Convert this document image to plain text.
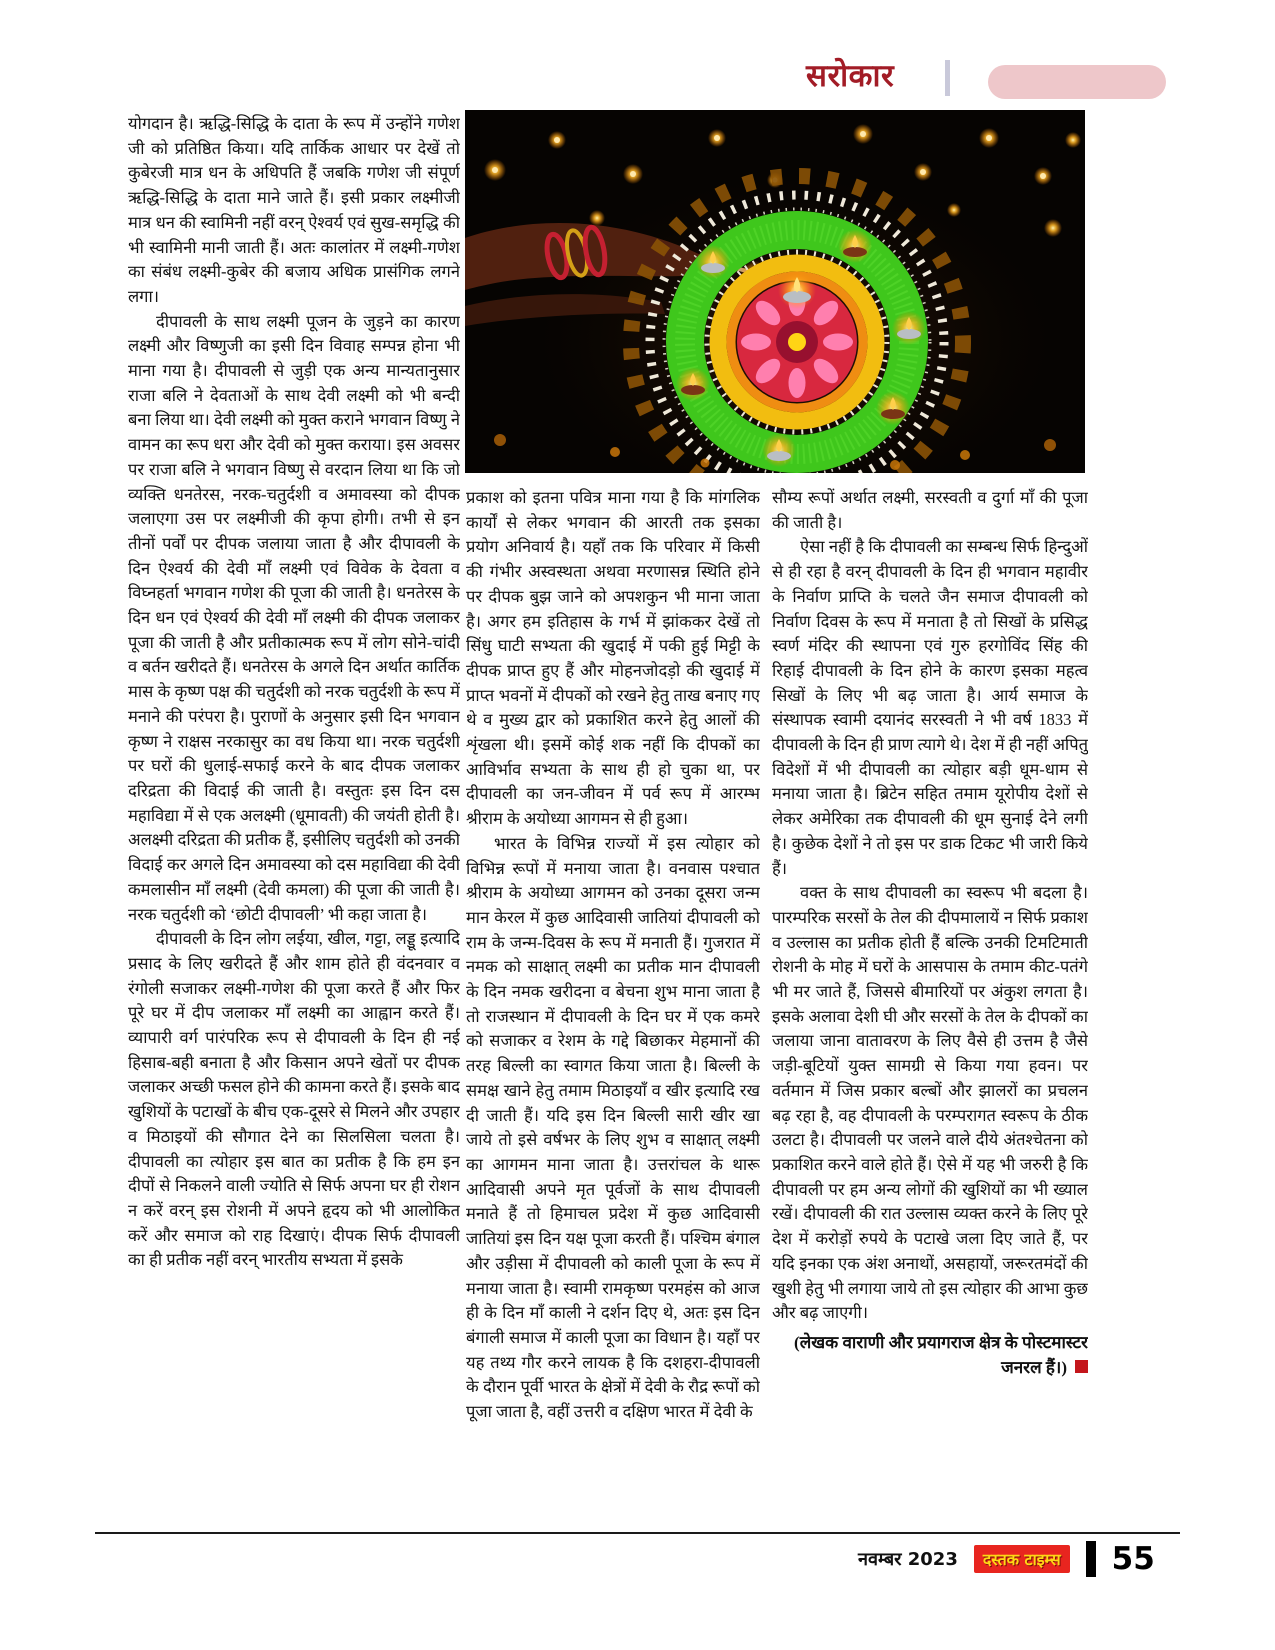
सरोकार

योगदान है। ऋद्धि-सिद्धि के दाता के रूप में उन्होंने गणेश जी को प्रतिष्ठित किया। यदि तार्किक आधार पर देखें तो कुबेरजी मात्र धन के अधिपति हैं जबकि गणेश जी संपूर्ण ऋद्धि-सिद्धि के दाता माने जाते हैं। इसी प्रकार लक्ष्मीजी मात्र धन की स्वामिनी नहीं वरन् ऐश्वर्य एवं सुख-समृद्धि की भी स्वामिनी मानी जाती हैं। अतः कालांतर में लक्ष्मी-गणेश का संबंध लक्ष्मी-कुबेर की बजाय अधिक प्रासंगिक लगने लगा।

दीपावली के साथ लक्ष्मी पूजन के जुड़ने का कारण लक्ष्मी और विष्णुजी का इसी दिन विवाह सम्पन्न होना भी माना गया है। दीपावली से जुड़ी एक अन्य मान्यतानुसार राजा बलि ने देवताओं के साथ देवी लक्ष्मी को भी बन्दी बना लिया था। देवी लक्ष्मी को मुक्त कराने भगवान विष्णु ने वामन का रूप धरा और देवी को मुक्त कराया। इस अवसर पर राजा बलि ने भगवान विष्णु से वरदान लिया था कि जो व्यक्ति धनतेरस, नरक-चतुर्दशी व अमावस्या को दीपक जलाएगा उस पर लक्ष्मीजी की कृपा होगी। तभी से इन तीनों पर्वों पर दीपक जलाया जाता है और दीपावली के दिन ऐश्वर्य की देवी माँ लक्ष्मी एवं विवेक के देवता व विघ्नहर्ता भगवान गणेश की पूजा की जाती है। धनतेरस के दिन धन एवं ऐश्वर्य की देवी माँ लक्ष्मी की दीपक जलाकर पूजा की जाती है और प्रतीकात्मक रूप में लोग सोने-चांदी व बर्तन खरीदते हैं। धनतेरस के अगले दिन अर्थात कार्तिक मास के कृष्ण पक्ष की चतुर्दशी को नरक चतुर्दशी के रूप में मनाने की परंपरा है। पुराणों के अनुसार इसी दिन भगवान कृष्ण ने राक्षस नरकासुर का वध किया था। नरक चतुर्दशी पर घरों की धुलाई-सफाई करने के बाद दीपक जलाकर दरिद्रता की विदाई की जाती है। वस्तुतः इस दिन दस महाविद्या में से एक अलक्ष्मी (धूमावती) की जयंती होती है। अलक्ष्मी दरिद्रता की प्रतीक हैं, इसीलिए चतुर्दशी को उनकी विदाई कर अगले दिन अमावस्या को दस महाविद्या की देवी कमलासीन माँ लक्ष्मी (देवी कमला) की पूजा की जाती है। नरक चतुर्दशी को ‘छोटी दीपावली’ भी कहा जाता है।

दीपावली के दिन लोग लईया, खील, गट्टा, लड्डू इत्यादि प्रसाद के लिए खरीदते हैं और शाम होते ही वंदनवार व रंगोली सजाकर लक्ष्मी-गणेश की पूजा करते हैं और फिर पूरे घर में दीप जलाकर माँ लक्ष्मी का आह्वान करते हैं। व्यापारी वर्ग पारंपरिक रूप से दीपावली के दिन ही नई हिसाब-बही बनाता है और किसान अपने खेतों पर दीपक जलाकर अच्छी फसल होने की कामना करते हैं। इसके बाद खुशियों के पटाखों के बीच एक-दूसरे से मिलने और उपहार व मिठाइयों की सौगात देने का सिलसिला चलता है। दीपावली का त्योहार इस बात का प्रतीक है कि हम इन दीपों से निकलने वाली ज्योति से सिर्फ अपना घर ही रोशन न करें वरन् इस रोशनी में अपने हृदय को भी आलोकित करें और समाज को राह दिखाएं। दीपक सिर्फ दीपावली का ही प्रतीक नहीं वरन् भारतीय सभ्यता में इसके

प्रकाश को इतना पवित्र माना गया है कि मांगलिक कार्यों से लेकर भगवान की आरती तक इसका प्रयोग अनिवार्य है। यहाँ तक कि परिवार में किसी की गंभीर अस्वस्थता अथवा मरणासन्न स्थिति होने पर दीपक बुझ जाने को अपशकुन भी माना जाता है। अगर हम इतिहास के गर्भ में झांककर देखें तो सिंधु घाटी सभ्यता की खुदाई में पकी हुई मिट्टी के दीपक प्राप्त हुए हैं और मोहनजोदड़ो की खुदाई में प्राप्त भवनों में दीपकों को रखने हेतु ताख बनाए गए थे व मुख्य द्वार को प्रकाशित करने हेतु आलों की शृंखला थी। इसमें कोई शक नहीं कि दीपकों का आविर्भाव सभ्यता के साथ ही हो चुका था, पर दीपावली का जन-जीवन में पर्व रूप में आरम्भ श्रीराम के अयोध्या आगमन से ही हुआ।

भारत के विभिन्न राज्यों में इस त्योहार को विभिन्न रूपों में मनाया जाता है। वनवास पश्चात श्रीराम के अयोध्या आगमन को उनका दूसरा जन्म मान केरल में कुछ आदिवासी जातियां दीपावली को राम के जन्म-दिवस के रूप में मनाती हैं। गुजरात में नमक को साक्षात् लक्ष्मी का प्रतीक मान दीपावली के दिन नमक खरीदना व बेचना शुभ माना जाता है तो राजस्थान में दीपावली के दिन घर में एक कमरे को सजाकर व रेशम के गद्दे बिछाकर मेहमानों की तरह बिल्ली का स्वागत किया जाता है। बिल्ली के समक्ष खाने हेतु तमाम मिठाइयाँ व खीर इत्यादि रख दी जाती हैं। यदि इस दिन बिल्ली सारी खीर खा जाये तो इसे वर्षभर के लिए शुभ व साक्षात् लक्ष्मी का आगमन माना जाता है। उत्तरांचल के थारू आदिवासी अपने मृत पूर्वजों के साथ दीपावली मनाते हैं तो हिमाचल प्रदेश में कुछ आदिवासी जातियां इस दिन यक्ष पूजा करती हैं। पश्चिम बंगाल और उड़ीसा में दीपावली को काली पूजा के रूप में मनाया जाता है। स्वामी रामकृष्ण परमहंस को आज ही के दिन माँ काली ने दर्शन दिए थे, अतः इस दिन बंगाली समाज में काली पूजा का विधान है। यहाँ पर यह तथ्य गौर करने लायक है कि दशहरा-दीपावली के दौरान पूर्वी भारत के क्षेत्रों में देवी के रौद्र रूपों को पूजा जाता है, वहीं उत्तरी व दक्षिण भारत में देवी के

सौम्य रूपों अर्थात लक्ष्मी, सरस्वती व दुर्गा माँ की पूजा की जाती है।

ऐसा नहीं है कि दीपावली का सम्बन्ध सिर्फ हिन्दुओं से ही रहा है वरन् दीपावली के दिन ही भगवान महावीर के निर्वाण प्राप्ति के चलते जैन समाज दीपावली को निर्वाण दिवस के रूप में मनाता है तो सिखों के प्रसिद्ध स्वर्ण मंदिर की स्थापना एवं गुरु हरगोविंद सिंह की रिहाई दीपावली के दिन होने के कारण इसका महत्व सिखों के लिए भी बढ़ जाता है। आर्य समाज के संस्थापक स्वामी दयानंद सरस्वती ने भी वर्ष 1833 में दीपावली के दिन ही प्राण त्यागे थे। देश में ही नहीं अपितु विदेशों में भी दीपावली का त्योहार बड़ी धूम-धाम से मनाया जाता है। ब्रिटेन सहित तमाम यूरोपीय देशों से लेकर अमेरिका तक दीपावली की धूम सुनाई देने लगी है। कुछेक देशों ने तो इस पर डाक टिकट भी जारी किये हैं।

वक्त के साथ दीपावली का स्वरूप भी बदला है। पारम्परिक सरसों के तेल की दीपमालायें न सिर्फ प्रकाश व उल्लास का प्रतीक होती हैं बल्कि उनकी टिमटिमाती रोशनी के मोह में घरों के आसपास के तमाम कीट-पतंगे भी मर जाते हैं, जिससे बीमारियों पर अंकुश लगता है। इसके अलावा देशी घी और सरसों के तेल के दीपकों का जलाया जाना वातावरण के लिए वैसे ही उत्तम है जैसे जड़ी-बूटियों युक्त सामग्री से किया गया हवन। पर वर्तमान में जिस प्रकार बल्बों और झालरों का प्रचलन बढ़ रहा है, वह दीपावली के परम्परागत स्वरूप के ठीक उलटा है। दीपावली पर जलने वाले दीये अंतश्चेतना को प्रकाशित करने वाले होते हैं। ऐसे में यह भी जरुरी है कि दीपावली पर हम अन्य लोगों की खुशियों का भी ख्याल रखें। दीपावली की रात उल्लास व्यक्त करने के लिए पूरे देश में करोड़ों रुपये के पटाखे जला दिए जाते हैं, पर यदि इनका एक अंश अनाथों, असहायों, जरूरतमंदों की खुशी हेतु भी लगाया जाये तो इस त्योहार की आभा कुछ और बढ़ जाएगी।

(लेखक वाराणी और प्रयागराज क्षेत्र के पोस्टमास्टर जनरल हैं।)
नवम्बर 2023	दस्तक टाइम्स 55
